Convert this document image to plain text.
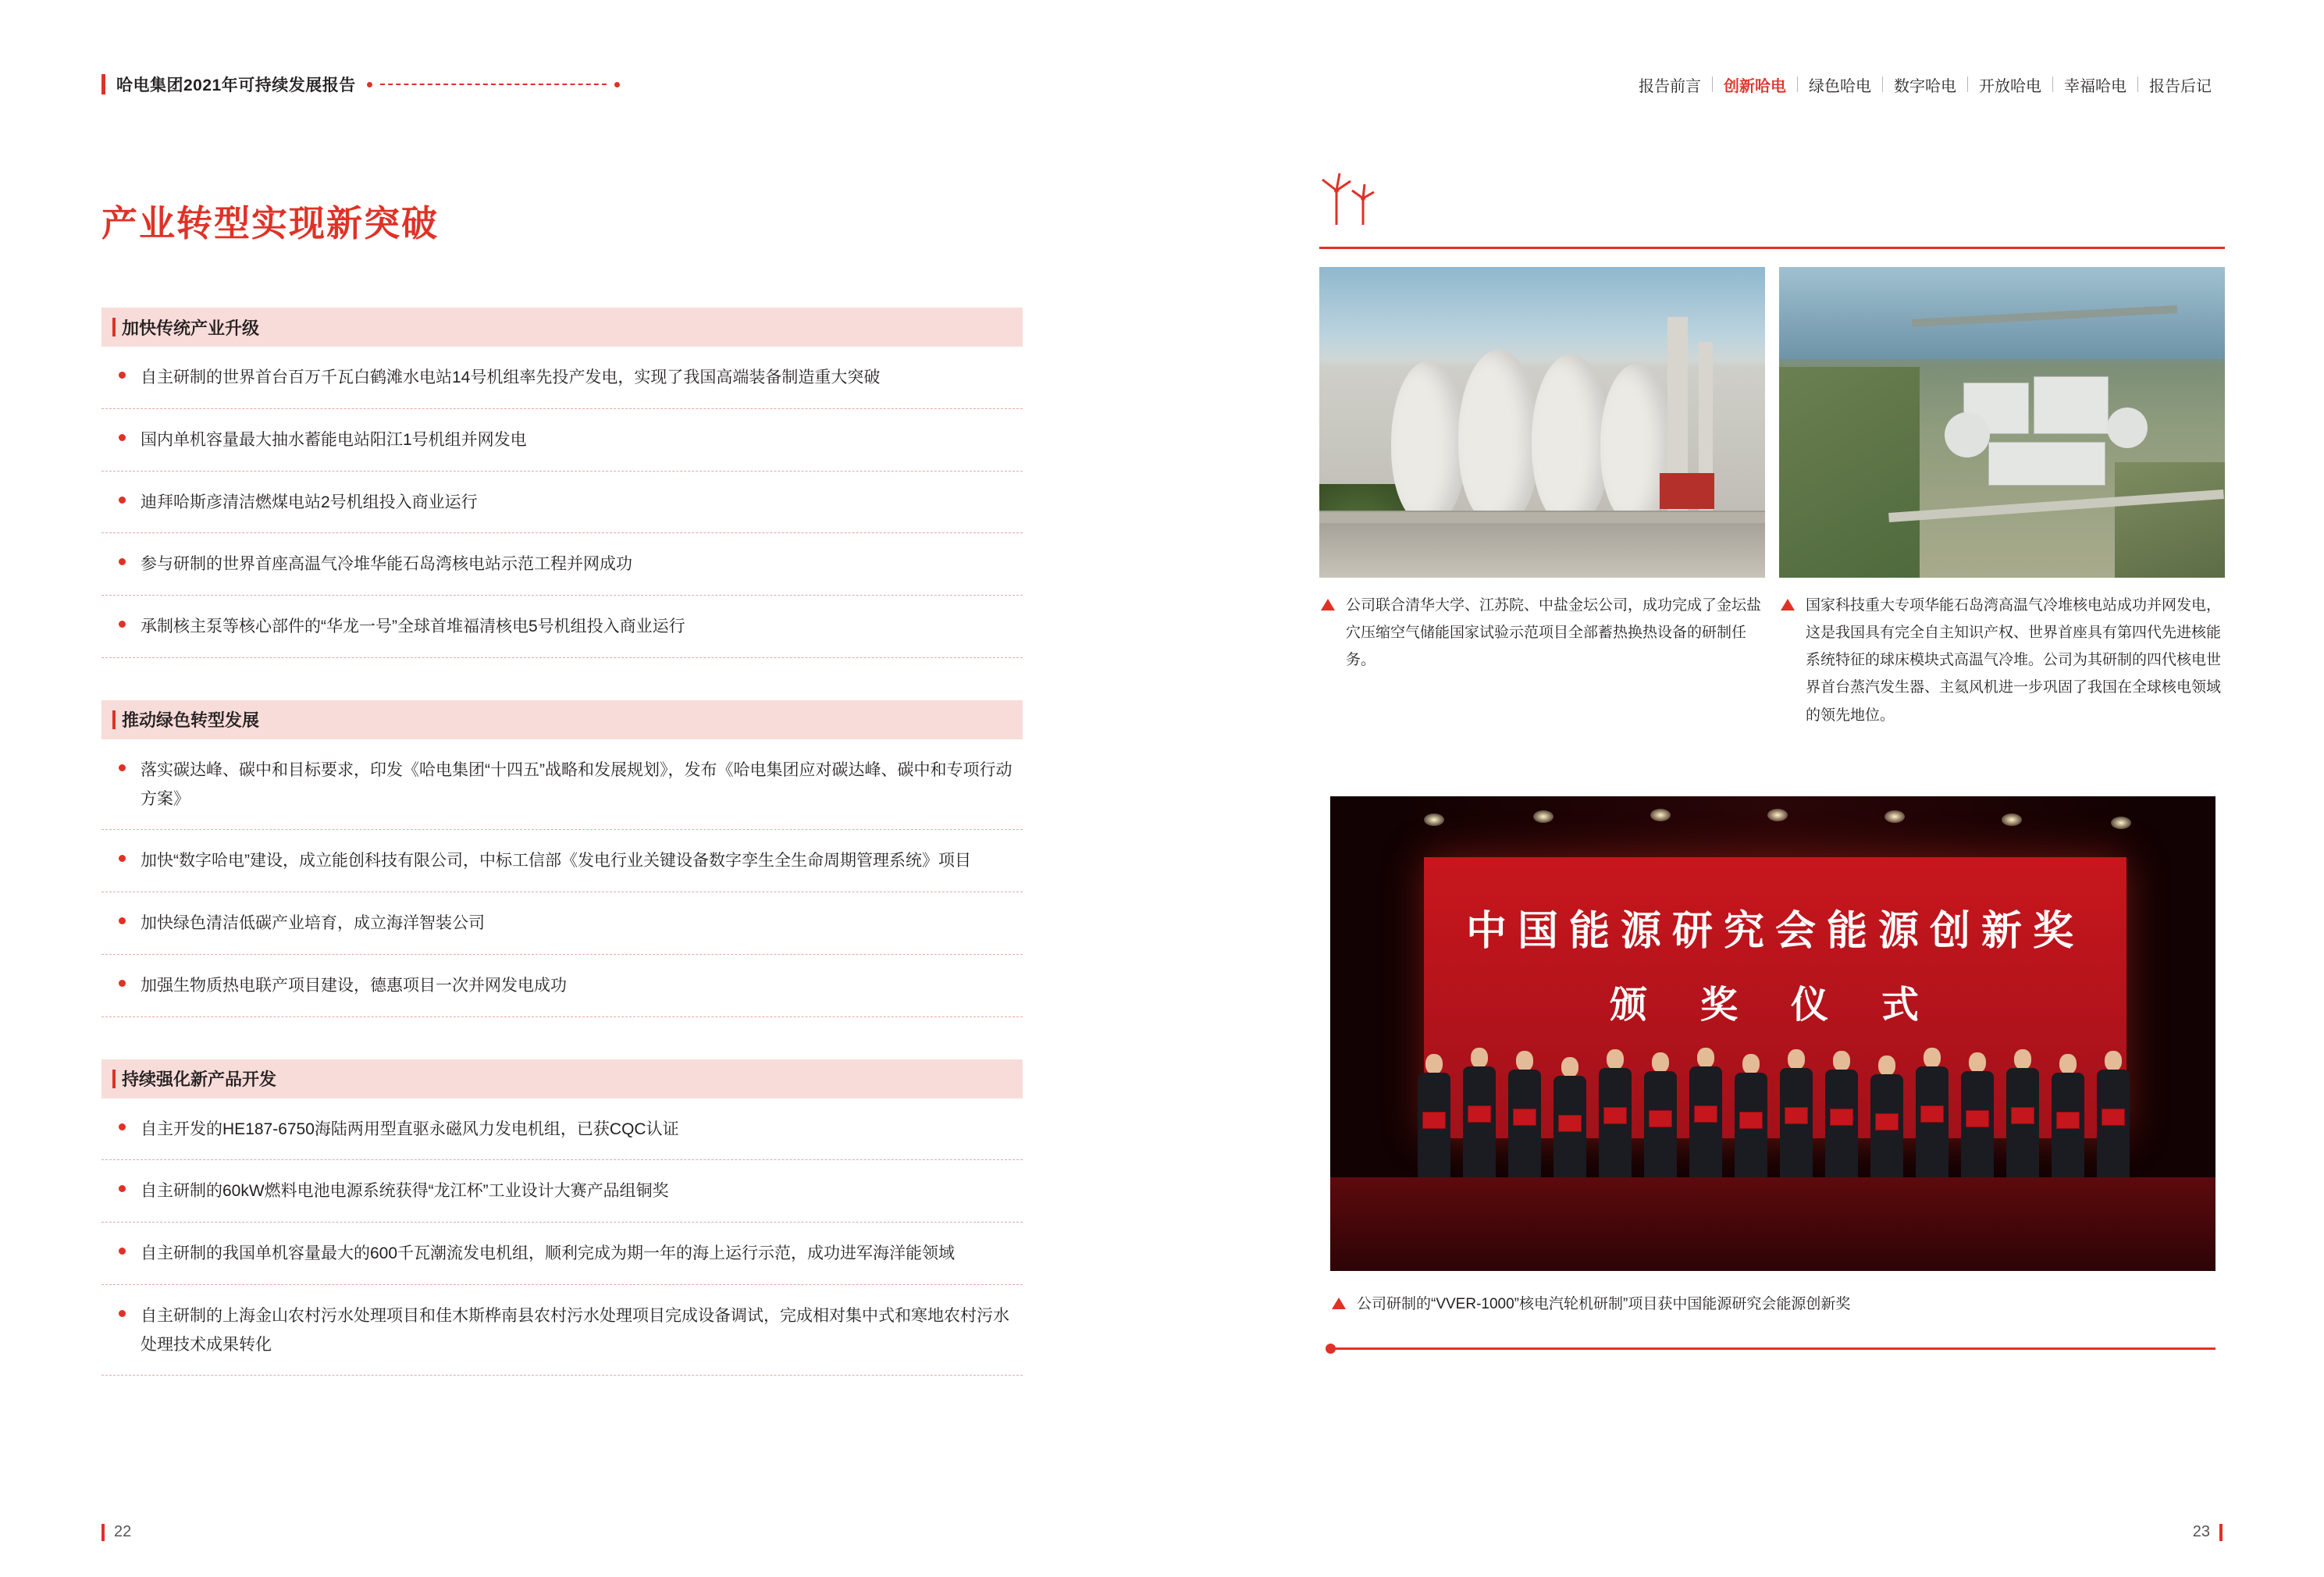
哈电集团2021年可持续发展报告	报告前言	创新哈电	绿色哈电	数字哈电	开放哈电	幸福哈电	报告后记
产业转型实现新突破
加快传统产业升级
自主研制的世界首台百万千瓦白鹤滩水电站14号机组率先投产发电，实现了我国高端装备制造重大突破
国内单机容量最大抽水蓄能电站阳江1号机组并网发电
迪拜哈斯彦清洁燃煤电站2号机组投入商业运行
参与研制的世界首座高温气冷堆华能石岛湾核电站示范工程并网成功
承制核主泵等核心部件的“华龙一号”全球首堆福清核电5号机组投入商业运行
推动绿色转型发展
落实碳达峰、碳中和目标要求，印发《哈电集团“十四五”战略和发展规划》，发布《哈电集团应对碳达峰、碳中和专项行动方案》
加快“数字哈电”建设，成立能创科技有限公司，中标工信部《发电行业关键设备数字孪生全生命周期管理系统》项目
加快绿色清洁低碳产业培育，成立海洋智装公司
加强生物质热电联产项目建设，德惠项目一次并网发电成功
持续强化新产品开发
自主开发的HE187-6750海陆两用型直驱永磁风力发电机组，已获CQC认证
自主研制的60kW燃料电池电源系统获得“龙江杯”工业设计大赛产品组铜奖
自主研制的我国单机容量最大的600千瓦潮流发电机组，顺利完成为期一年的海上运行示范，成功进军海洋能领域
自主研制的上海金山农村污水处理项目和佳木斯桦南县农村污水处理项目完成设备调试，完成相对集中式和寒地农村污水处理技术成果转化
公司联合清华大学、江苏院、中盐金坛公司，成功完成了金坛盐穴压缩空气储能国家试验示范项目全部蓄热换热设备的研制任务。
国家科技重大专项华能石岛湾高温气冷堆核电站成功并网发电，这是我国具有完全自主知识产权、世界首座具有第四代先进核能系统特征的球床模块式高温气冷堆。公司为其研制的四代核电世界首台蒸汽发生器、主氦风机进一步巩固了我国在全球核电领域的领先地位。
中国能源研究会能源创新奖
颁 奖 仪 式
公司研制的“VVER-1000”核电汽轮机研制”项目获中国能源研究会能源创新奖
22	23
